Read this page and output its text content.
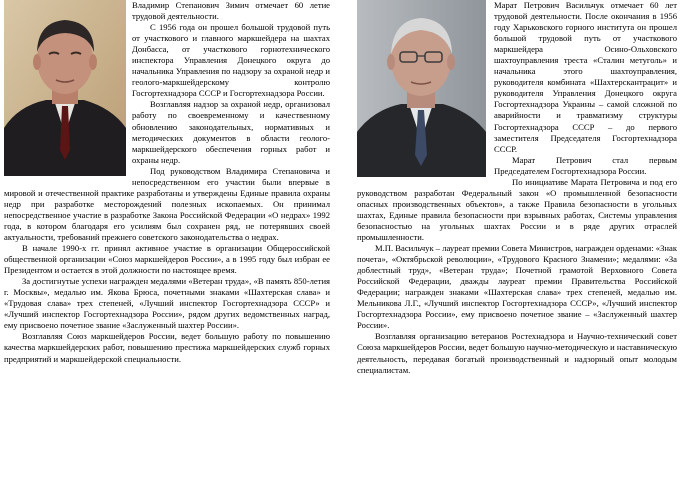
Владимир Степанович Зимич отмечает 60 летие трудовой деятельности.

С 1956 года он прошел большой трудовой путь от участкового и главного маркшейдера на шахтах Донбасса, от участкового горнотехнического инспектора Управления Донецкого округа до начальника Управления по надзору за охраной недр и геолого-маркшейдерскому контролю Госгортехнадзора СССР и Госгортехнадзора России.

Возглавляя надзор за охраной недр, организовал работу по своевременному и качественному обновлению законодательных, нормативных и методических документов в области геолого-маркшейдерского обеспечения горных работ и охраны недр.

Под руководством Владимира Степановича и непосредственном его участии были впервые в мировой и отечественной практике разработаны и утверждены Единые правила охраны недр при разработке месторождений полезных ископаемых. Он принимал непосредственное участие в разработке Закона Российской Федерации «О недрах» 1992 года, в котором благодаря его усилиям был сохранен ряд, не потерявших своей актуальности, требований прежнего советского законодательства о недрах.

В начале 1990-х гг. принял активное участие в организации Общероссийской общественной организации «Союз маркшейдеров России», а в 1995 году был избран ее Президентом и остается в этой должности по настоящее время.

За достигнутые успехи награжден медалями «Ветеран труда», «В память 850-летия г. Москвы», медалью им. Якова Брюса, почетными знаками «Шахтерская слава» и «Трудовая слава» трех степеней, «Лучший инспектор Госгортехнадзора СССР» и «Лучший инспектор Госгортехнадзора России», рядом других ведомственных наград, ему присвоено почетное звание «Заслуженный шахтер России».

Возглавляя Союз маркшейдеров России, ведет большую работу по повышению качества маркшейдерских работ, повышению престижа маркшейдерских служб горных предприятий и маркшейдерской специальности.

Марат Петрович Васильчук отмечает 60 лет трудовой деятельности. После окончания в 1956 году Харьковского горного института он прошел большой трудовой путь от участкового маркшейдера Осино-Ольховского шахтоуправления треста «Сталин метуголь» и начальника этого шахтоуправления, руководителя комбината «Шахтерскантрацит» и руководителя Управления Донецкого округа Госгортехнадзора Украины – самой сложной по аварийности и травматизму структуры Госгортехнадзора СССР – до первого заместителя Председателя Госгортехнадзора СССР.

Марат Петрович стал первым Председателем Госгортехнадзора России.

По инициативе Марата Петровича и под его руководством разработан Федеральный закон «О промышленной безопасности опасных производственных объектов», а также Правила безопасности в угольных шахтах, Единые правила безопасности при взрывных работах, Системы управления безопасностью на угольных шахтах России и в ряде других отраслей промышленности.

М.П. Васильчук – лауреат премии Совета Министров, награжден орденами: «Знак почета», «Октябрьской революции», «Трудового Красного Знамени»; медалями: «За доблестный труд», «Ветеран труда»; Почетной грамотой Верховного Совета Российской Федерации, дважды лауреат премии Правительства Российской Федерации; награжден знаками «Шахтерская слава» трех степеней, медалью им. Мельникова Л.Г., «Лучший инспектор Госгортехнадзора СССР», «Лучший инспектор Госгортехнадзора России», ему присвоено почетное звание – «Заслуженный шахтер России».

Возглавляя организацию ветеранов Ростехнадзора и Научно-технический совет Союза маркшейдеров России, ведет большую научно-методическую и наставническую деятельность, передавая богатый производственный и надзорный опыт молодым специалистам.
